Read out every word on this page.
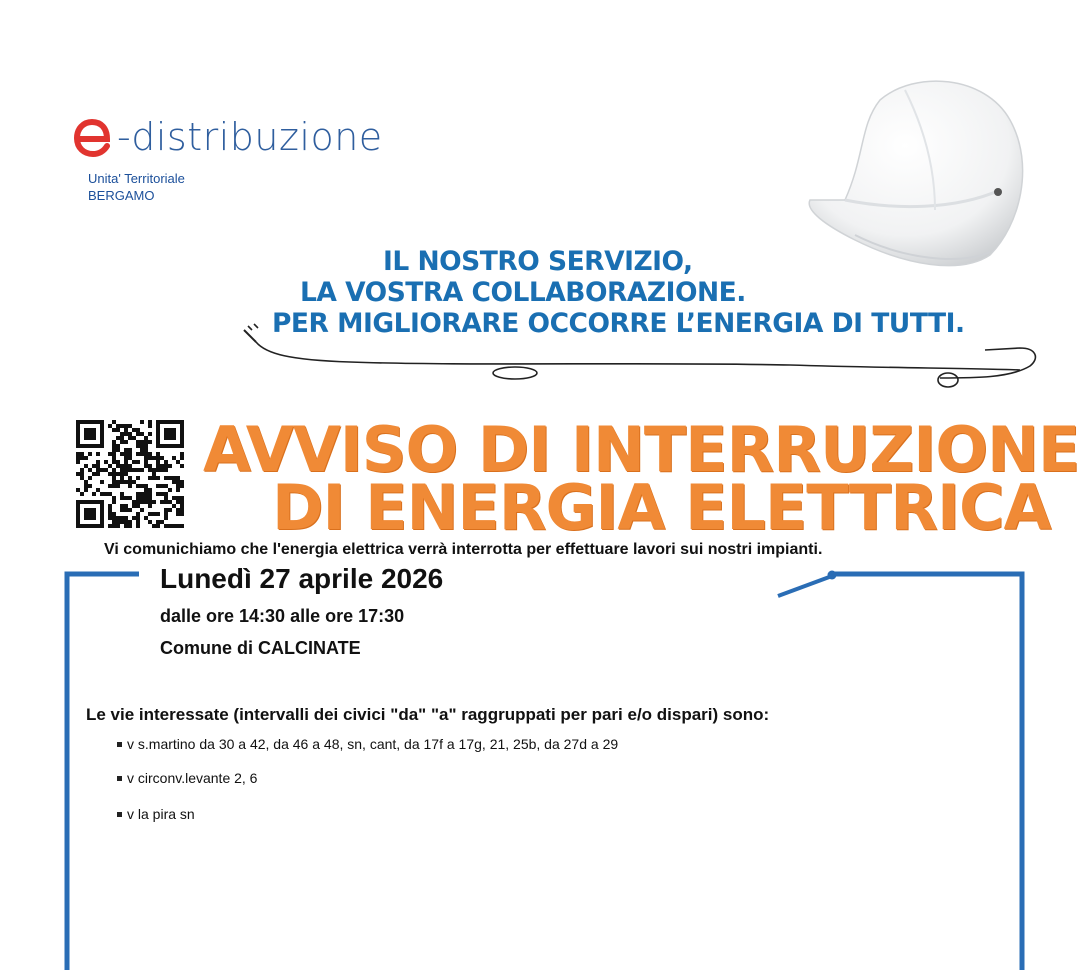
-distribuzione
Unita' Territoriale
BERGAMO
IL NOSTRO SERVIZIO,
LA VOSTRA COLLABORAZIONE.
PER MIGLIORARE OCCORRE L’ENERGIA DI TUTTI.
AVVISO DI INTERRUZIONE
DI ENERGIA ELETTRICA
Vi comunichiamo che l'energia elettrica verrà interrotta per effettuare lavori sui nostri impianti.
Lunedì 27 aprile 2026
dalle ore 14:30 alle ore 17:30
Comune di CALCINATE
Le vie interessate (intervalli dei civici "da" "a" raggruppati per pari e/o dispari) sono:
v s.martino da 30 a 42, da 46 a 48, sn, cant, da 17f a 17g, 21, 25b, da 27d a 29
v circonv.levante 2, 6
v la pira sn
